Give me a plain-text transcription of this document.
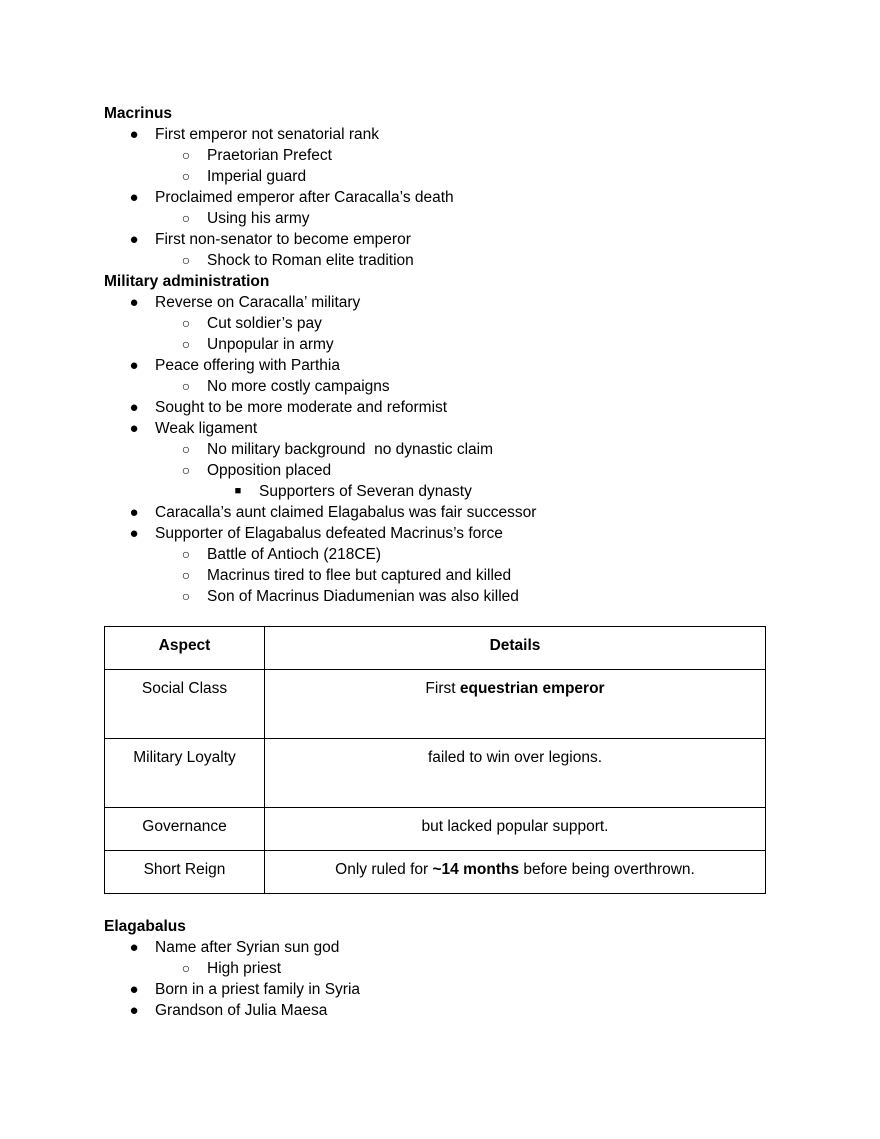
Macrinus
● First emperor not senatorial rank
○ Praetorian Prefect
○ Imperial guard
● Proclaimed emperor after Caracalla’s death
○ Using his army
● First non-senator to become emperor
○ Shock to Roman elite tradition
Military administration
● Reverse on Caracalla’ military
○ Cut soldier’s pay
○ Unpopular in army
● Peace offering with Parthia
○ No more costly campaigns
● Sought to be more moderate and reformist
● Weak ligament
○ No military background  no dynastic claim
○ Opposition placed
■ Supporters of Severan dynasty
● Caracalla’s aunt claimed Elagabalus was fair successor
● Supporter of Elagabalus defeated Macrinus’s force
○ Battle of Antioch (218CE)
○ Macrinus tired to flee but captured and killed
○ Son of Macrinus Diadumenian was also killed
Aspect	Details

Social Class	First equestrian emperor

Military Loyalty	failed to win over legions.

Governance	but lacked popular support.

Short Reign	Only ruled for ~14 months before being overthrown.
Elagabalus
● Name after Syrian sun god
○ High priest
● Born in a priest family in Syria
● Grandson of Julia Maesa
